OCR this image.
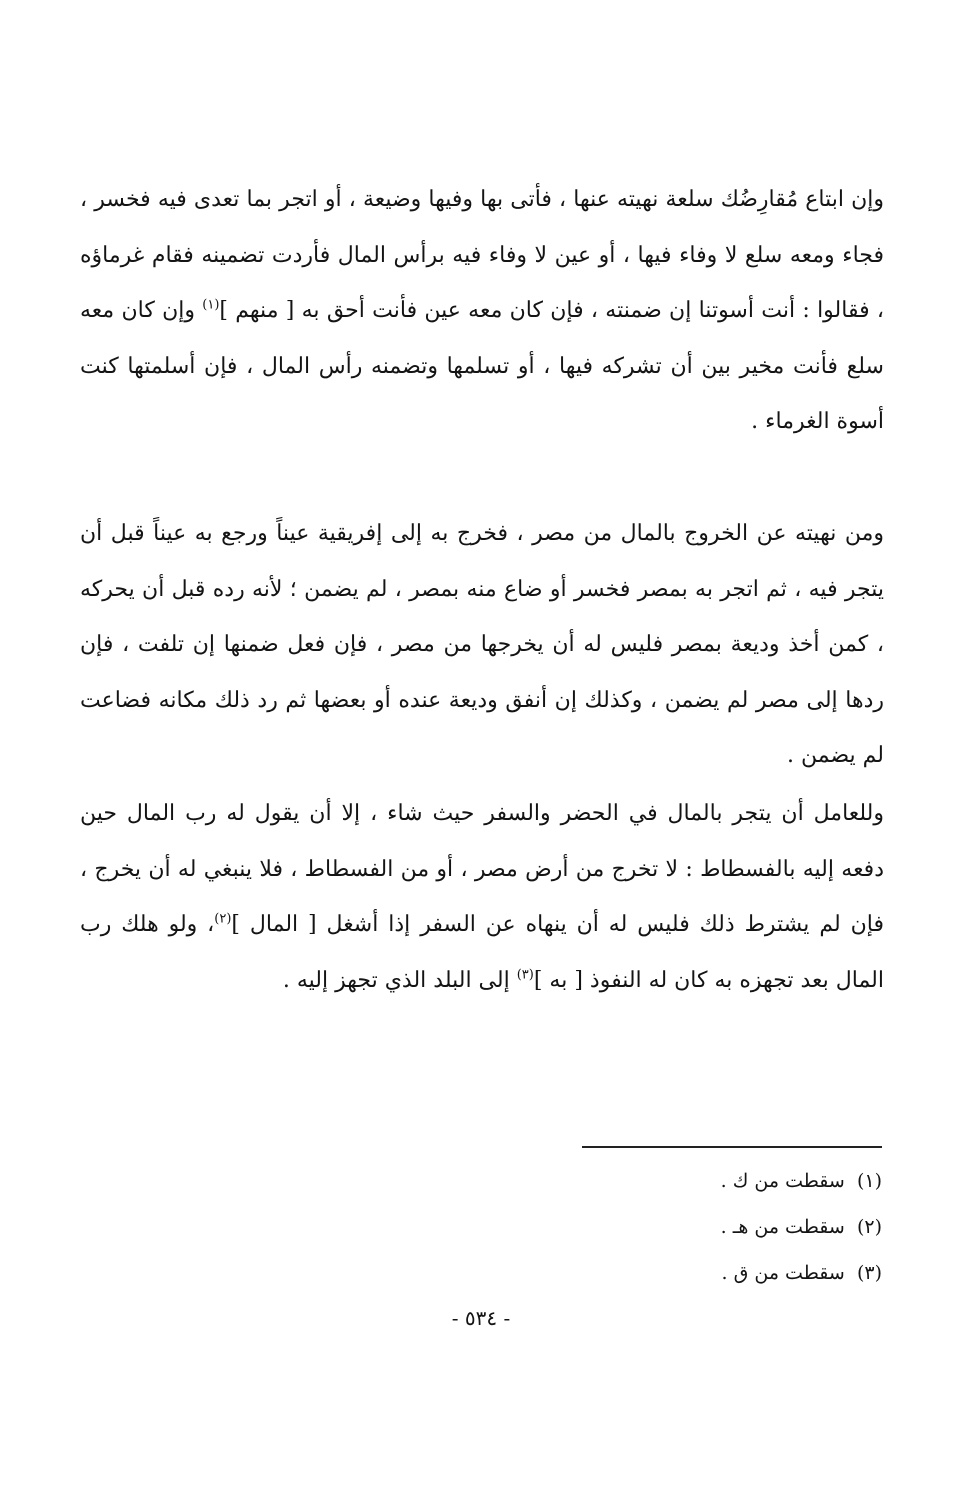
وإن ابتاع مُقارِضُك سلعة نهيته عنها ، فأتى بها وفيها وضيعة ، أو اتجر بما تعدى فيه فخسر ، فجاء ومعه سلع لا وفاء فيها ، أو عين لا وفاء فيه برأس المال فأردت تضمينه فقام غرماؤه ، فقالوا : أنت أسوتنا إن ضمنته ، فإن كان معه عين فأنت أحق به [ منهم ]$^{(١)}$ وإن كان معه سلع فأنت مخير بين أن تشركه فيها ، أو تسلمها وتضمنه رأس المال ، فإن أسلمتها كنت أسوة الغرماء .

ومن نهيته عن الخروج بالمال من مصر ، فخرج به إلى إفريقية عيناً ورجع به عيناً قبل أن يتجر فيه ، ثم اتجر به بمصر فخسر أو ضاع منه بمصر ، لم يضمن ؛ لأنه رده قبل أن يحركه ، كمن أخذ وديعة بمصر فليس له أن يخرجها من مصر ، فإن فعل ضمنها إن تلفت ، فإن ردها إلى مصر لم يضمن ، وكذلك إن أنفق وديعة عنده أو بعضها ثم رد ذلك مكانه فضاعت لم يضمن .

وللعامل أن يتجر بالمال في الحضر والسفر حيث شاء ، إلا أن يقول له رب المال حين دفعه إليه بالفسطاط : لا تخرج من أرض مصر ، أو من الفسطاط ، فلا ينبغي له أن يخرج ، فإن لم يشترط ذلك فليس له أن ينهاه عن السفر إذا أشغل [ المال ]$^{(٢)}$، ولو هلك رب المال بعد تجهزه به كان له النفوذ [ به ]$^{(٣)}$ إلى البلد الذي تجهز إليه .

(١)  سقطت من ك .

(٢)  سقطت من هـ .

(٣)  سقطت من ق .

- ٥٣٤ -
